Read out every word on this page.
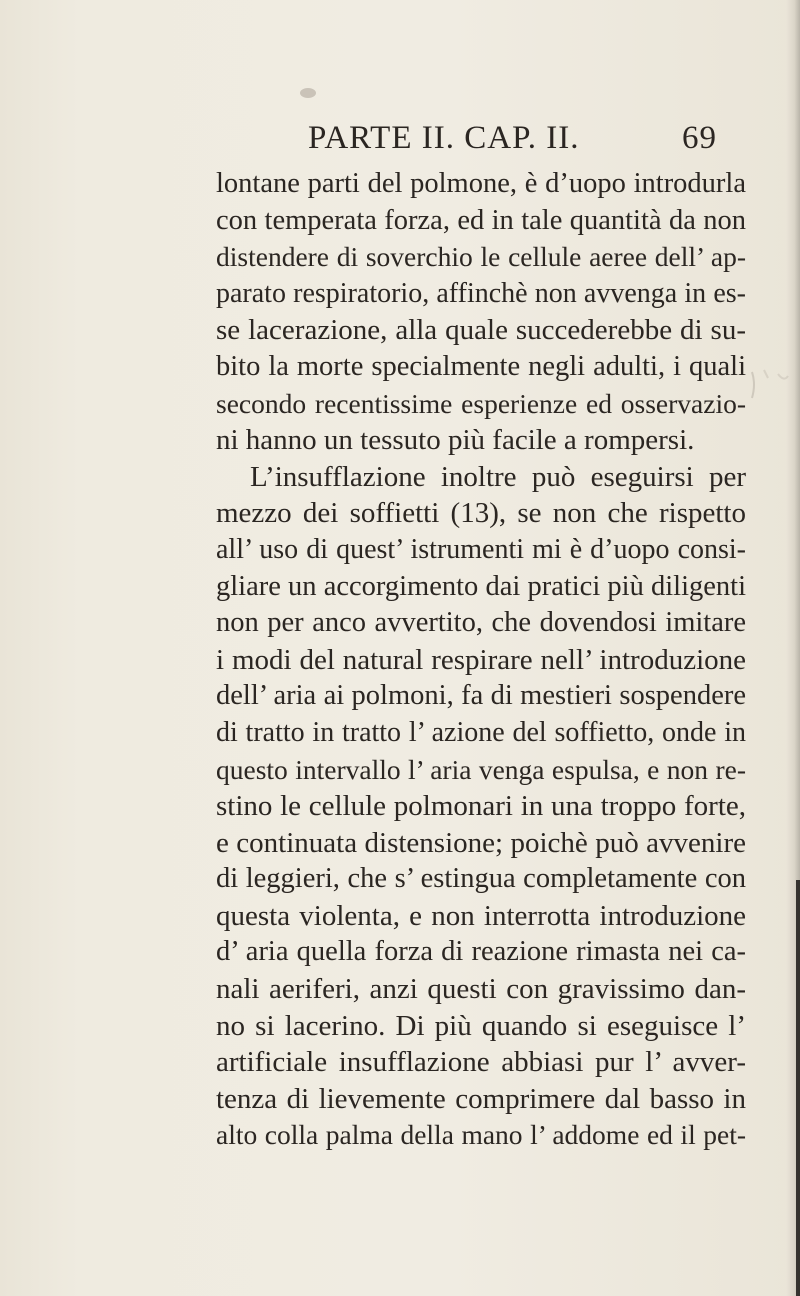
PARTE II. CAP. II.	69
lontane parti del polmone, è d’uopo introdurla
con temperata forza, ed in tale quantità da non
distendere di soverchio le cellule aeree dell’ ap-
parato respiratorio, affinchè non avvenga in es-
se lacerazione, alla quale succederebbe di su-
bito la morte specialmente negli adulti, i quali
secondo recentissime esperienze ed osservazio-
ni hanno un tessuto più facile a rompersi.
L’insufflazione inoltre può eseguirsi per
mezzo dei soffietti (13), se non che rispetto
all’ uso di quest’ istrumenti mi è d’uopo consi-
gliare un accorgimento dai pratici più diligenti
non per anco avvertito, che dovendosi imitare
i modi del natural respirare nell’ introduzione
dell’ aria ai polmoni, fa di mestieri sospendere
di tratto in tratto l’ azione del soffietto, onde in
questo intervallo l’ aria venga espulsa, e non re-
stino le cellule polmonari in una troppo forte,
e continuata distensione; poichè può avvenire
di leggieri, che s’ estingua completamente con
questa violenta, e non interrotta introduzione
d’ aria quella forza di reazione rimasta nei ca-
nali aeriferi, anzi questi con gravissimo dan-
no si lacerino. Di più quando si eseguisce l’
artificiale insufflazione abbiasi pur l’ avver-
tenza di lievemente comprimere dal basso in
alto colla palma della mano l’ addome ed il pet-
